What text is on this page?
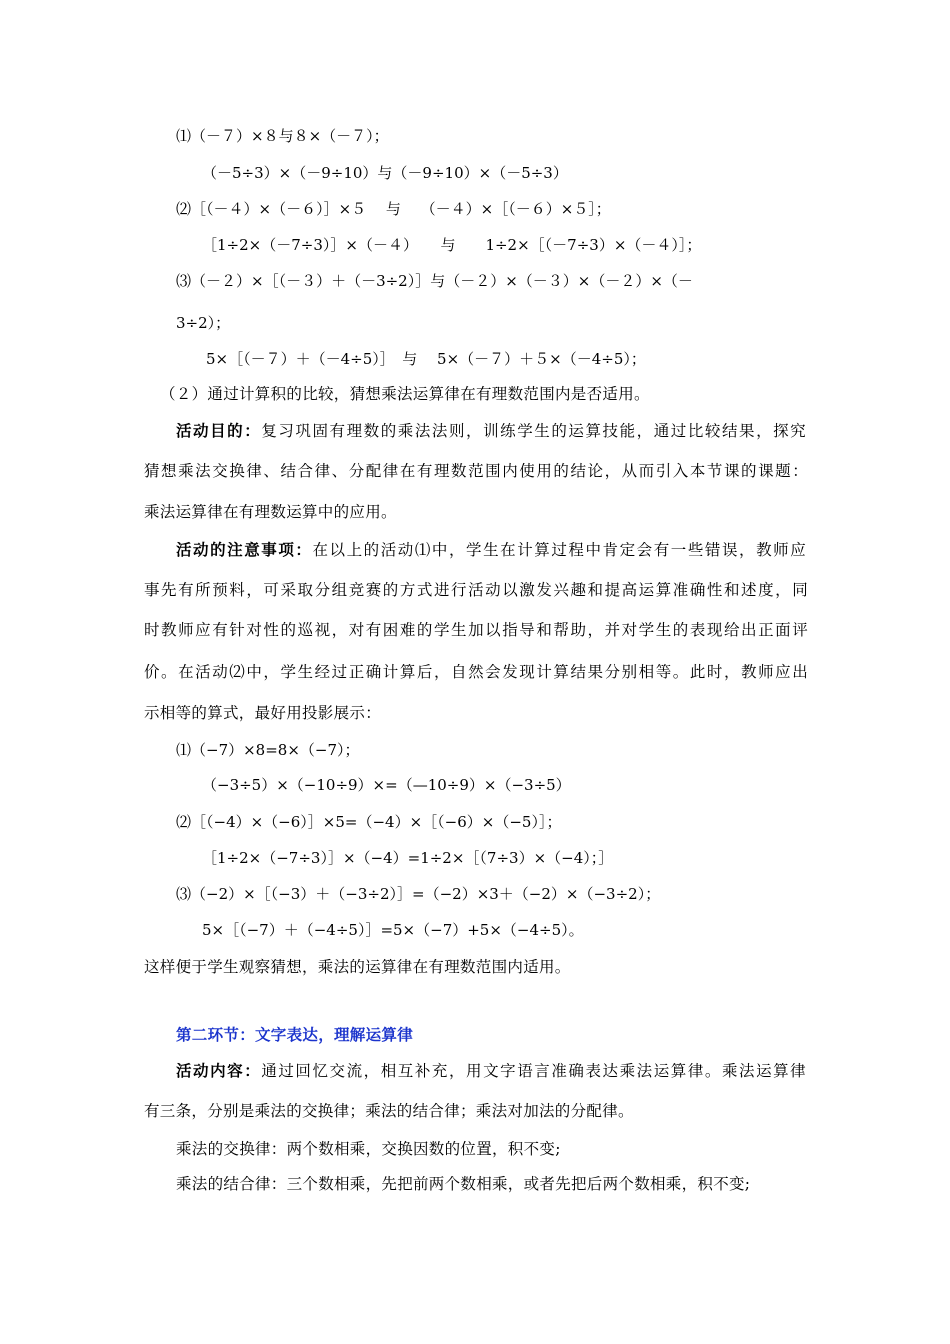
⑴（－７）×８与８×（－７）；
（－5÷3）×（－9÷10）与（－9÷10）×（－5÷3）
⑵［（－４）×（－６）］×５　 与　 （－４）×［（－６）×５］；
［1÷2×（－7÷3）］×（－４）　　与　　1÷2×［（－7÷3）×（－４）］；
⑶（－２）×［（－３）＋（－3÷2）］与（－２）×（－３）×（－２）×（－
3÷2）；
5×［（－７）＋（－4÷5）］　与　 5×（－７）＋５×（－4÷5）；
（２）通过计算积的比较，猜想乘法运算律在有理数范围内是否适用。
活动目的：复习巩固有理数的乘法法则，训练学生的运算技能，通过比较结果，探究
猜想乘法交换律、结合律、分配律在有理数范围内使用的结论，从而引入本节课的课题：
乘法运算律在有理数运算中的应用。
活动的注意事项：在以上的活动⑴中，学生在计算过程中肯定会有一些错误，教师应
事先有所预料，可采取分组竞赛的方式进行活动以激发兴趣和提高运算准确性和述度，同
时教师应有针对性的巡视，对有困难的学生加以指导和帮助，并对学生的表现给出正面评
价。在活动⑵中，学生经过正确计算后，自然会发现计算结果分别相等。此时，教师应出
示相等的算式，最好用投影展示：
⑴（−7）×8=8×（−7）；
（−3÷5）×（−10÷9）×=（—10÷9）×（−3÷5）
⑵［（−4）×（−6）］×5=（−4）×［（−6）×（−5）］；
［1÷2×（−7÷3）］×（−4）=1÷2×［（7÷3）×（−4）；］
⑶（−2）×［（−3）＋（−3÷2）］=（−2）×3＋（−2）×（−3÷2）；
5×［（−7）＋（−4÷5）］=5×（−7）+5×（−4÷5）。
这样便于学生观察猜想，乘法的运算律在有理数范围内适用。
第二环节：文字表达，理解运算律
活动内容：通过回忆交流，相互补充，用文字语言准确表达乘法运算律。乘法运算律
有三条，分别是乘法的交换律；乘法的结合律；乘法对加法的分配律。
乘法的交换律：两个数相乘，交换因数的位置，积不变;
乘法的结合律：三个数相乘，先把前两个数相乘，或者先把后两个数相乘，积不变;
